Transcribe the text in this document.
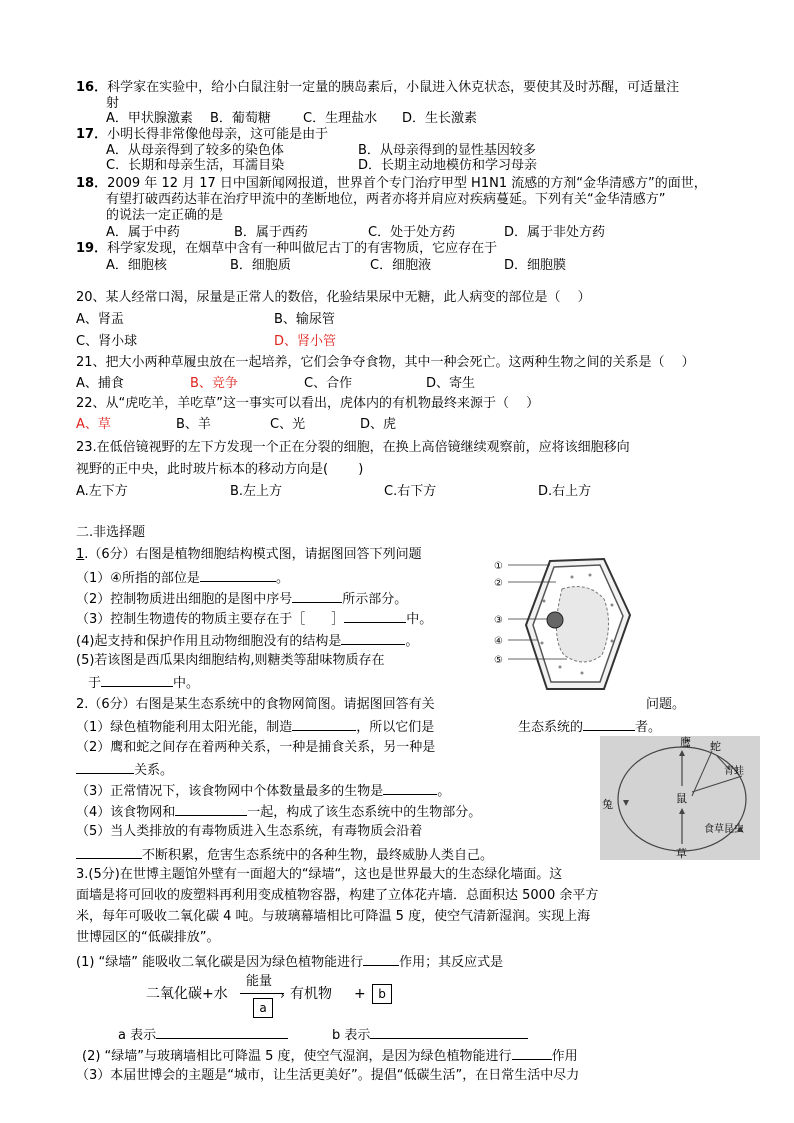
16．科学家在实验中，给小白鼠注射一定量的胰岛素后，小鼠进入休克状态，要使其及时苏醒，可适量注
射
A．甲状腺激素 B．葡萄糖 C．生理盐水 D．生长激素
17．小明长得非常像他母亲，这可能是由于
A．从母亲得到了较多的染色体	B．从母亲得到的显性基因较多
C．长期和母亲生活，耳濡目染	D．长期主动地模仿和学习母亲
18．2009 年 12 月 17 日中国新闻网报道，世界首个专门治疗甲型 H1N1 流感的方剂“金华清感方”的面世，
有望打破西药达菲在治疗甲流中的垄断地位，两者亦将并肩应对疾病蔓延。下列有关“金华清感方”
的说法一定正确的是
A．属于中药	B．属于西药	C．处于处方药	D．属于非处方药
19．科学家发现，在烟草中含有一种叫做尼古丁的有害物质，它应存在于
A．细胞核	B．细胞质	C．细胞液	D．细胞膜
20、某人经常口渴，尿量是正常人的数倍，化验结果尿中无糖，此人病变的部位是（　 ）
A、肾盂	B、输尿管
C、肾小球	D、肾小管
21、把大小两种草履虫放在一起培养，它们会争夺食物，其中一种会死亡。这两种生物之间的关系是（　 ）
A、捕食	B、竞争	C、合作	D、寄生
22、从“虎吃羊，羊吃草”这一事实可以看出，虎体内的有机物最终来源于（　 ）
A、草	B、羊	C、光	D、虎
23.在低倍镜视野的左下方发现一个正在分裂的细胞，在换上高倍镜继续观察前，应将该细胞移向
视野的正中央，此时玻片标本的移动方向是(　　 )
A.左下方	B.左上方	C.右下方	D.右上方
二.非选择题
1.（6分）右图是植物细胞结构模式图，请据图回答下列问题
（1）④所指的部位是	。
（2）控制物质进出细胞的是图中序号	所示部分。
（3）控制生物遗传的物质主要存在于［　　］	中。
(4)起支持和保护作用且动物细胞没有的结构是	。
(5)若该图是西瓜果肉细胞结构,则糖类等甜味物质存在
于	中。
①
②
③
④
⑤
2.（6分）右图是某生态系统中的食物网简图。请据图回答有关	问题。
（1）绿色植物能利用太阳光能，制造	，所以它们是	生态系统的	者。
（2）鹰和蛇之间存在着两种关系，一种是捕食关系，另一种是
关系。
（3）正常情况下，该食物网中个体数量最多的生物是	。
（4）该食物网和	一起，构成了该生态系统中的生物部分。
（5）当人类排放的有毒物质进入生态系统，有毒物质会沿着
不断积累，危害生态系统中的各种生物，最终威胁人类自己。
鹰 蛇
青蛙
兔	鼠
食草昆虫
草
3.(5分)在世博主题馆外壁有一面超大的“绿墙“，这也是世界最大的生态绿化墙面。这
面墙是将可回收的废塑料再利用变成植物容器，构建了立体花卉墙．总面积达 5000 余平方
米，每年可吸收二氧化碳 4 吨。与玻璃幕墙相比可降温 5 度，使空气清新湿润。实现上海
世博园区的“低碳排放”。
(1) “绿墙” 能吸收二氧化碳是因为绿色植物能进行	作用；其反应式是
二氧化碳+水
能量
›
a
有机物 +	b
a 表示	b 表示
(2) “绿墙”与玻璃墙相比可降温 5 度，使空气湿润，是因为绿色植物能进行	作用
（3）本届世博会的主题是“城市，让生活更美好”。提倡“低碳生活”，在日常生活中尽力
